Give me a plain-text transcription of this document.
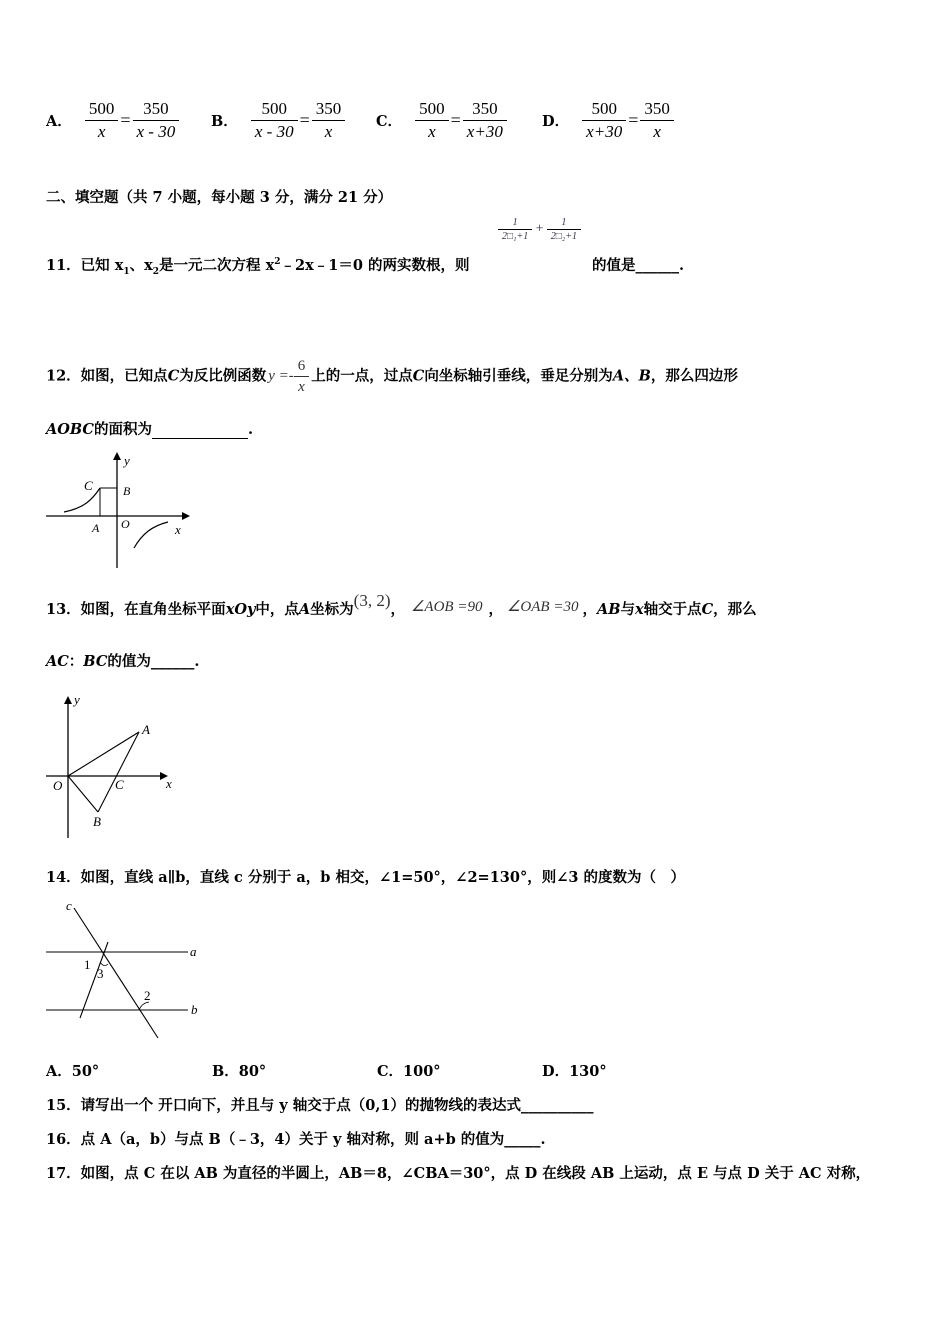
A． $\frac{500}{x} = \frac{350}{x - 30}$ B． $\frac{500}{x - 30} = \frac{350}{x}$ C． $\frac{500}{x} = \frac{350}{x+30}$ D． $\frac{500}{x+30} = \frac{350}{x}$
二、填空题（共 7 小题，每小题 3 分，满分 21 分）
$\frac{1}{\text{2□₁+1}} + \frac{1}{\text{2□₂+1}}$
11．已知 $x_1$、$x_2$是一元二次方程 $x^2﹣2x﹣1=0$ 的两实数根，则	的值是______.
12．如图，已知点C为反比例函数 $y =- \frac{6}{x}$ 上的一点，过点C向坐标轴引垂线，垂足分别为A、B，那么四边形
AOBC的面积为	.
y
x
C	B
A O
13．如图，在直角坐标平面xOy中，点A坐标为(3, 2)， ∠AOB =90 ， ∠OAB =30 ，AB与x轴交于点C，那么
AC：BC的值为______.
y
x
A
O	C
B
14．如图，直线 a∥b，直线 c 分别于 a，b 相交，∠1=50°，∠2=130°，则∠3 的度数为（　）
c
a
b
1
3
2
A．50°	B．80°	C．100°	D．130°
15．请写出一个 开口向下，并且与 y 轴交于点（0,1）的抛物线的表达式__________
16．点 A（a，b）与点 B（﹣3，4）关于 y 轴对称，则 a+b 的值为_____.
17．如图，点 C 在以 AB 为直径的半圆上，AB＝8，∠CBA＝30°，点 D 在线段 AB 上运动，点 E 与点 D 关于 AC 对称，
